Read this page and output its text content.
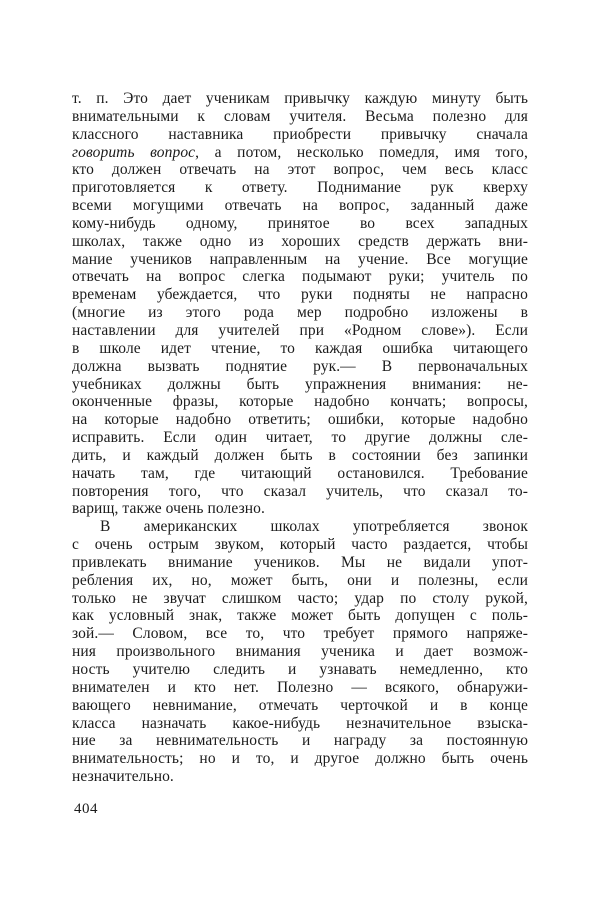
т. п. Это дает ученикам привычку каждую минуту быть
внимательными к словам учителя. Весьма полезно для
классного наставника приобрести привычку сначала
говорить вопрос, а потом, несколько помедля, имя того,
кто должен отвечать на этот вопрос, чем весь класс
приготовляется к ответу. Поднимание рук кверху
всеми могущими отвечать на вопрос, заданный даже
кому-нибудь одному, принятое во всех западных
школах, также одно из хороших средств держать вни-
мание учеников направленным на учение. Все могущие
отвечать на вопрос слегка подымают руки; учитель по
временам убеждается, что руки подняты не напрасно
(многие из этого рода мер подробно изложены в
наставлении для учителей при «Родном слове»). Если
в школе идет чтение, то каждая ошибка читающего
должна вызвать поднятие рук.— В первоначальных
учебниках должны быть упражнения внимания: не-
оконченные фразы, которые надобно кончать; вопросы,
на которые надобно ответить; ошибки, которые надобно
исправить. Если один читает, то другие должны сле-
дить, и каждый должен быть в состоянии без запинки
начать там, где читающий остановился. Требование
повторения того, что сказал учитель, что сказал то-
варищ, также очень полезно.
В американских школах употребляется звонок
с очень острым звуком, который часто раздается, чтобы
привлекать внимание учеников. Мы не видали упот-
ребления их, но, может быть, они и полезны, если
только не звучат слишком часто; удар по столу рукой,
как условный знак, также может быть допущен с поль-
зой.— Словом, все то, что требует прямого напряже-
ния произвольного внимания ученика и дает возмож-
ность учителю следить и узнавать немедленно, кто
внимателен и кто нет. Полезно — всякого, обнаружи-
вающего невнимание, отмечать черточкой и в конце
класса назначать какое-нибудь незначительное взыска-
ние за невнимательность и награду за постоянную
внимательность; но и то, и другое должно быть очень
незначительно.
404
